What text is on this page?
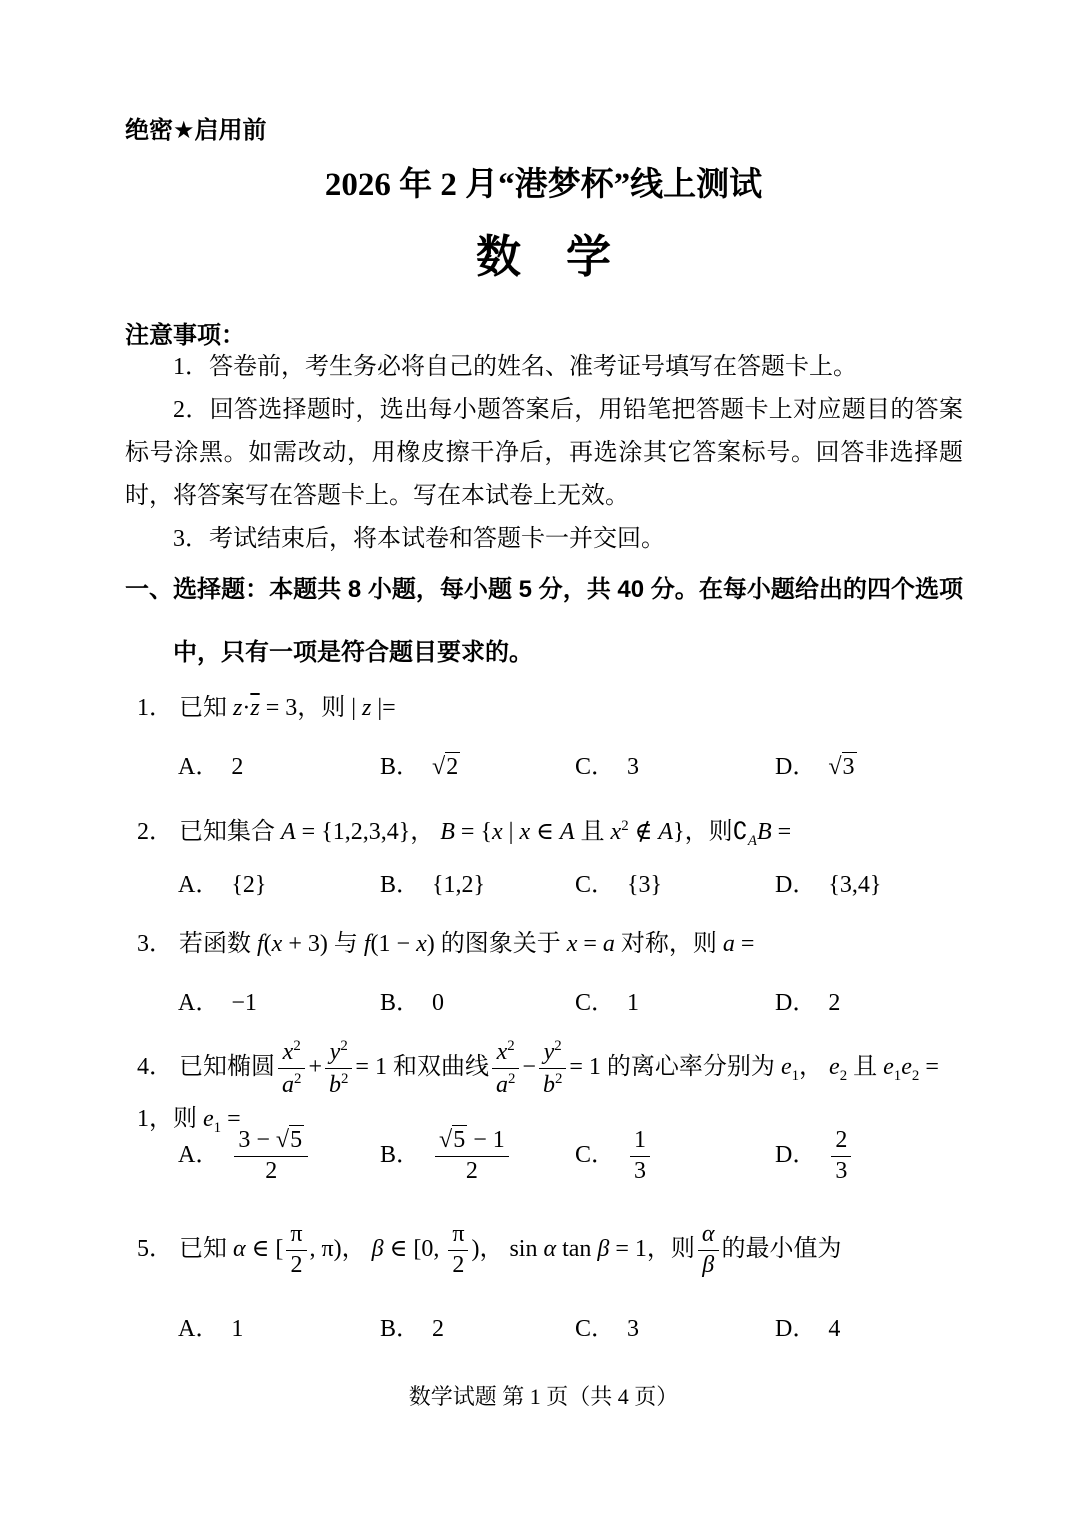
绝密★启用前
2026 年 2 月“港梦杯”线上测试
数　学
注意事项：

1．答卷前，考生务必将自己的姓名、准考证号填写在答题卡上。

2．回答选择题时，选出每小题答案后，用铅笔把答题卡上对应题目的答案标号涂黑。如需改动，用橡皮擦干净后，再选涂其它答案标号。回答非选择题时，将答案写在答题卡上。写在本试卷上无效。

3．考试结束后，将本试卷和答题卡一并交回。

一、选择题：本题共 8 小题，每小题 5 分，共 40 分。在每小题给出的四个选项中，只有一项是符合题目要求的。
1． 已知 $z\cdot\overline{z} = 3$，则 | z |=
A． 2	B． √2	C． 3	D． √3
2． 已知集合 A = {1,2,3,4}， B = {x | x ∈ A 且 $x^2$ ∉ A}，则$∁_AB$ =
A． {2}	B． {1,2}	C． {3}	D． {3,4}
3． 若函数 f(x + 3) 与 f(1 − x) 的图象关于 x = a 对称，则 a =
A． −1	B． 0	C． 1	D． 2
4． 已知椭圆 $\frac{x^2}{a^2} + \frac{y^2}{b^2} = 1$ 和双曲线 $\frac{x^2}{a^2} - \frac{y^2}{b^2} = 1$ 的离心率分别为 $e_1$， $e_2$ 且 $e_1e_2 = 1$，则 $e_1$ =
A． $\frac{3 - √5}{2}$	B． $\frac{√5 - 1}{2}$	C． $\frac{1}{3}$	D． $\frac{2}{3}$
5． 已知 α ∈ [ $\frac{\pi}{2}$ , π)， β ∈ [0, $\frac{\pi}{2}$ )， sin α tan β = 1，则 $\frac{\alpha}{\beta}$ 的最小值为
A． 1	B． 2	C． 3	D． 4
数学试题 第 1 页（共 4 页）
